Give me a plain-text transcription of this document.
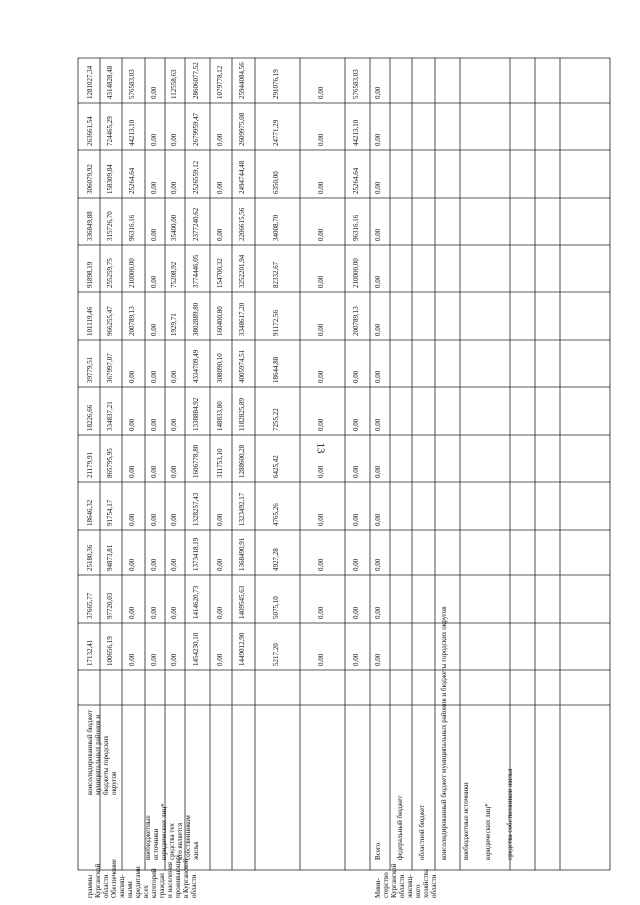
13
1281027,34
263661,54
306079,92
336849,88
91898,19
101119,46
39779,51
18226,66
21179,91
18646,32
25180,36
37665,77
17132,41
4314828,48
724465,29
158309,84
315726,70
255259,75
966255,47
367997,07
334837,21
865795,95
91754,17
94873,81
97720,03
100656,19
576583,03
44213,10
25264,64
96316,16
210000,00
200789,13
0,00
0,00
0,00
0,00
0,00
0,00
0,00
0,00
0,00
0,00
0,00
0,00
0,00
0,00
0,00
0,00
0,00
0,00
0,00
0,00
112558,63
0,00
0,00
35400,00
75208,92
1929,71
0,00
0,00
0,00
0,00
0,00
0,00
0,00
28606077,52
2679959,47
2526559,12
2377240,62
3774446,05
3802889,80
4334709,49
1338884,92
1606778,80
1328257,43
1373418,19
1414620,73
1454230,10
1079778,12
0,00
0,00
0,00
154700,32
160400,80
308090,10
148833,80
311753,10
0,00
0,00
0,00
0,00
25944084,56
2609975,08
2494744,48
2206615,56
3252201,94
3348617,20
4005974,51
1182825,89
1288600,28
1323492,17
1368490,91
1409545,63
1449012,90
291076,19
24771,29
6350,00
34008,70
82332,67
91172,56
18644,88
7255,22
6425,42
4765,26
4927,28
5075,10
5217,20
0,00
0,00
0,00
0,00
0,00
0,00
0,00
0,00
0,00
0,00
0,00
0,00
0,00
576583,03
44213,10
25264,64
96316,16
210000,00
200789,13
0,00
0,00
0,00
0,00
0,00
0,00
0,00
0,00
0,00
0,00
0,00
0,00
0,00
0,00
0,00
0,00
0,00
0,00
0,00
0,00
консолидированный бюджет муниципальных районов и бюджеты городских округов
внебюджетные источники юридических лиц* средства тех кто является собственником жилья	Всего федеральный бюджет областной бюджет консолидированный бюджет муниципальных районов и бюджеты городских округов внебюджетные источники юридических лиц* средства собственников жилья
граммы Курганской области Обеспечение жилищ- ными кредитами всех категорий граждан и населения проживающих в Курганской области	Мини- стерство Курганской области жилищ- ного хозяйства области
